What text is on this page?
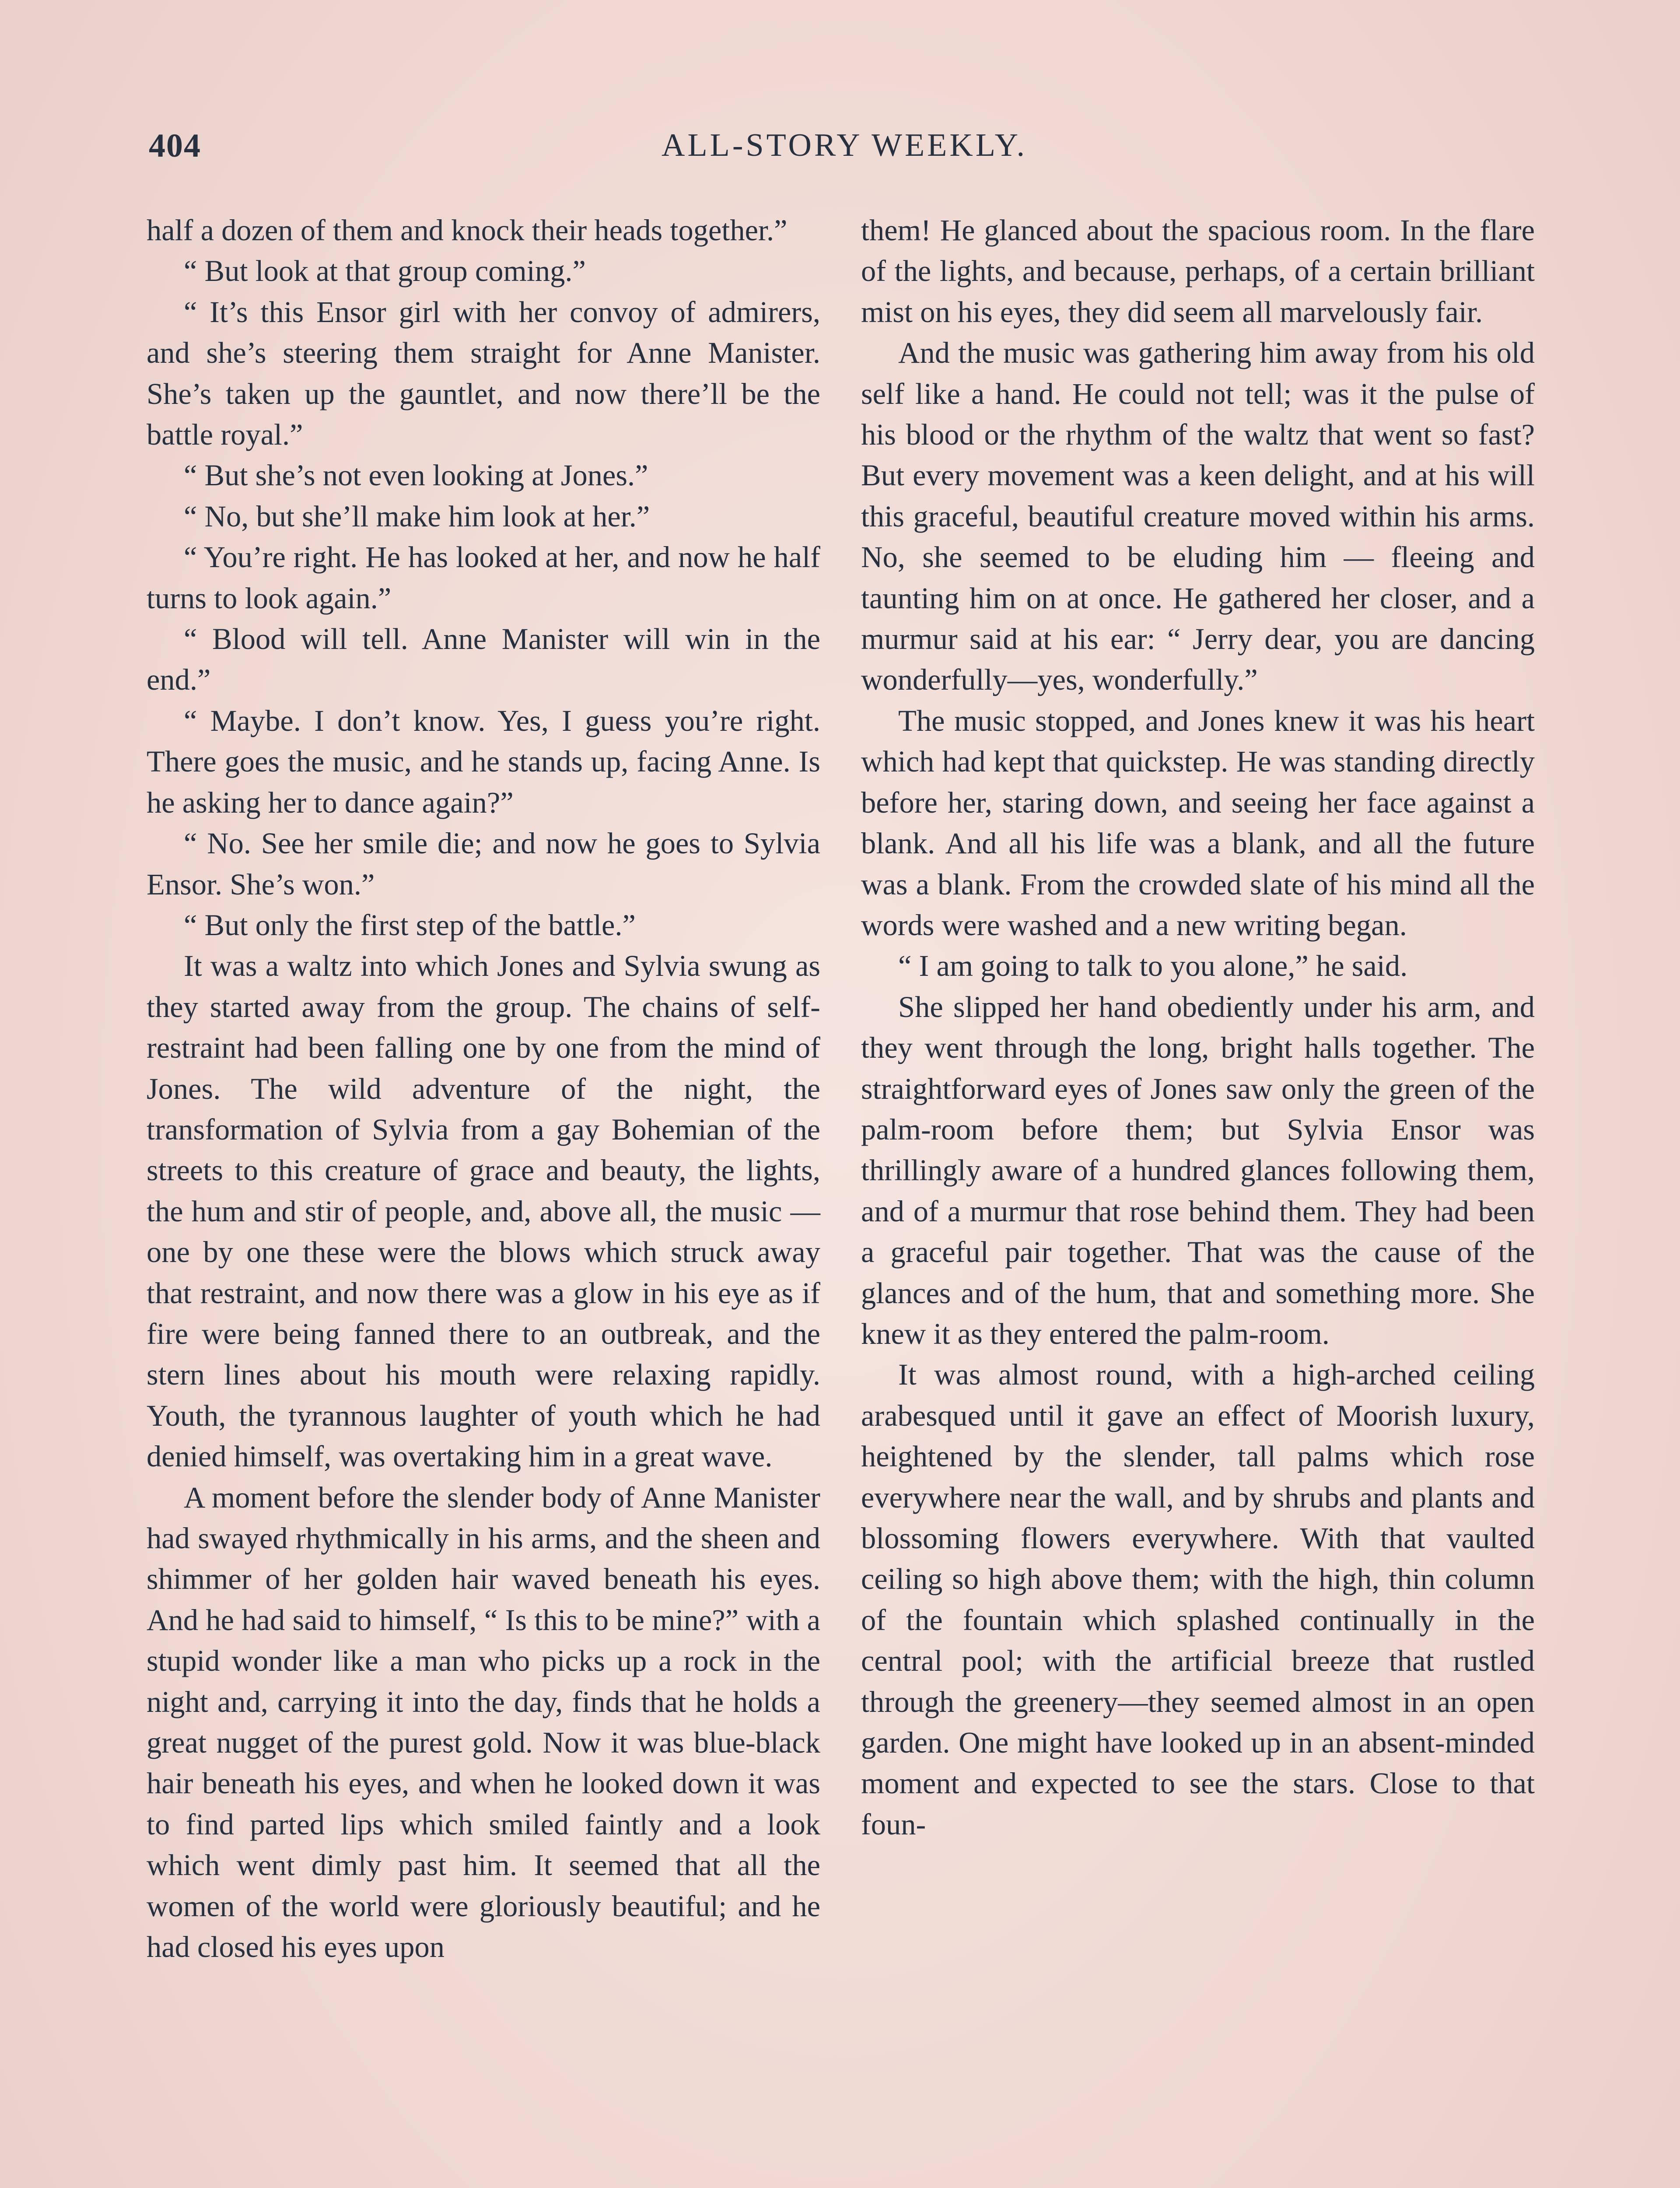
404	ALL-STORY WEEKLY.

half a dozen of them and knock their heads together.”

“ But look at that group coming.”

“ It’s this Ensor girl with her convoy of admirers, and she’s steering them straight for Anne Manister. She’s taken up the gauntlet, and now there’ll be the battle royal.”

“ But she’s not even looking at Jones.”

“ No, but she’ll make him look at her.”

“ You’re right. He has looked at her, and now he half turns to look again.”

“ Blood will tell. Anne Manister will win in the end.”

“ Maybe. I don’t know. Yes, I guess you’re right. There goes the music, and he stands up, facing Anne. Is he asking her to dance again?”

“ No. See her smile die; and now he goes to Sylvia Ensor. She’s won.”

“ But only the first step of the battle.”

It was a waltz into which Jones and Sylvia swung as they started away from the group. The chains of self-restraint had been falling one by one from the mind of Jones. The wild adventure of the night, the transformation of Sylvia from a gay Bohemian of the streets to this creature of grace and beauty, the lights, the hum and stir of people, and, above all, the music —one by one these were the blows which struck away that restraint, and now there was a glow in his eye as if fire were being fanned there to an outbreak, and the stern lines about his mouth were relaxing rapidly. Youth, the tyrannous laughter of youth which he had denied himself, was overtaking him in a great wave.

A moment before the slender body of Anne Manister had swayed rhythmically in his arms, and the sheen and shimmer of her golden hair waved beneath his eyes. And he had said to himself, “ Is this to be mine?” with a stupid wonder like a man who picks up a rock in the night and, carrying it into the day, finds that he holds a great nugget of the purest gold. Now it was blue-black hair beneath his eyes, and when he looked down it was to find parted lips which smiled faintly and a look which went dimly past him. It seemed that all the women of the world were gloriously beautiful; and he had closed his eyes upon

them! He glanced about the spacious room. In the flare of the lights, and because, perhaps, of a certain brilliant mist on his eyes, they did seem all marvelously fair.

And the music was gathering him away from his old self like a hand. He could not tell; was it the pulse of his blood or the rhythm of the waltz that went so fast? But every movement was a keen delight, and at his will this graceful, beautiful creature moved within his arms. No, she seemed to be eluding him — fleeing and taunting him on at once. He gathered her closer, and a murmur said at his ear: “ Jerry dear, you are dancing wonderfully—yes, wonderfully.”

The music stopped, and Jones knew it was his heart which had kept that quickstep. He was standing directly before her, staring down, and seeing her face against a blank. And all his life was a blank, and all the future was a blank. From the crowded slate of his mind all the words were washed and a new writing began.

“ I am going to talk to you alone,” he said.

She slipped her hand obediently under his arm, and they went through the long, bright halls together. The straightforward eyes of Jones saw only the green of the palm-room before them; but Sylvia Ensor was thrillingly aware of a hundred glances following them, and of a murmur that rose behind them. They had been a graceful pair together. That was the cause of the glances and of the hum, that and something more. She knew it as they entered the palm-room.

It was almost round, with a high-arched ceiling arabesqued until it gave an effect of Moorish luxury, heightened by the slender, tall palms which rose everywhere near the wall, and by shrubs and plants and blossoming flowers everywhere. With that vaulted ceiling so high above them; with the high, thin column of the fountain which splashed continually in the central pool; with the artificial breeze that rustled through the greenery—they seemed almost in an open garden. One might have looked up in an absent-minded moment and expected to see the stars. Close to that foun-
